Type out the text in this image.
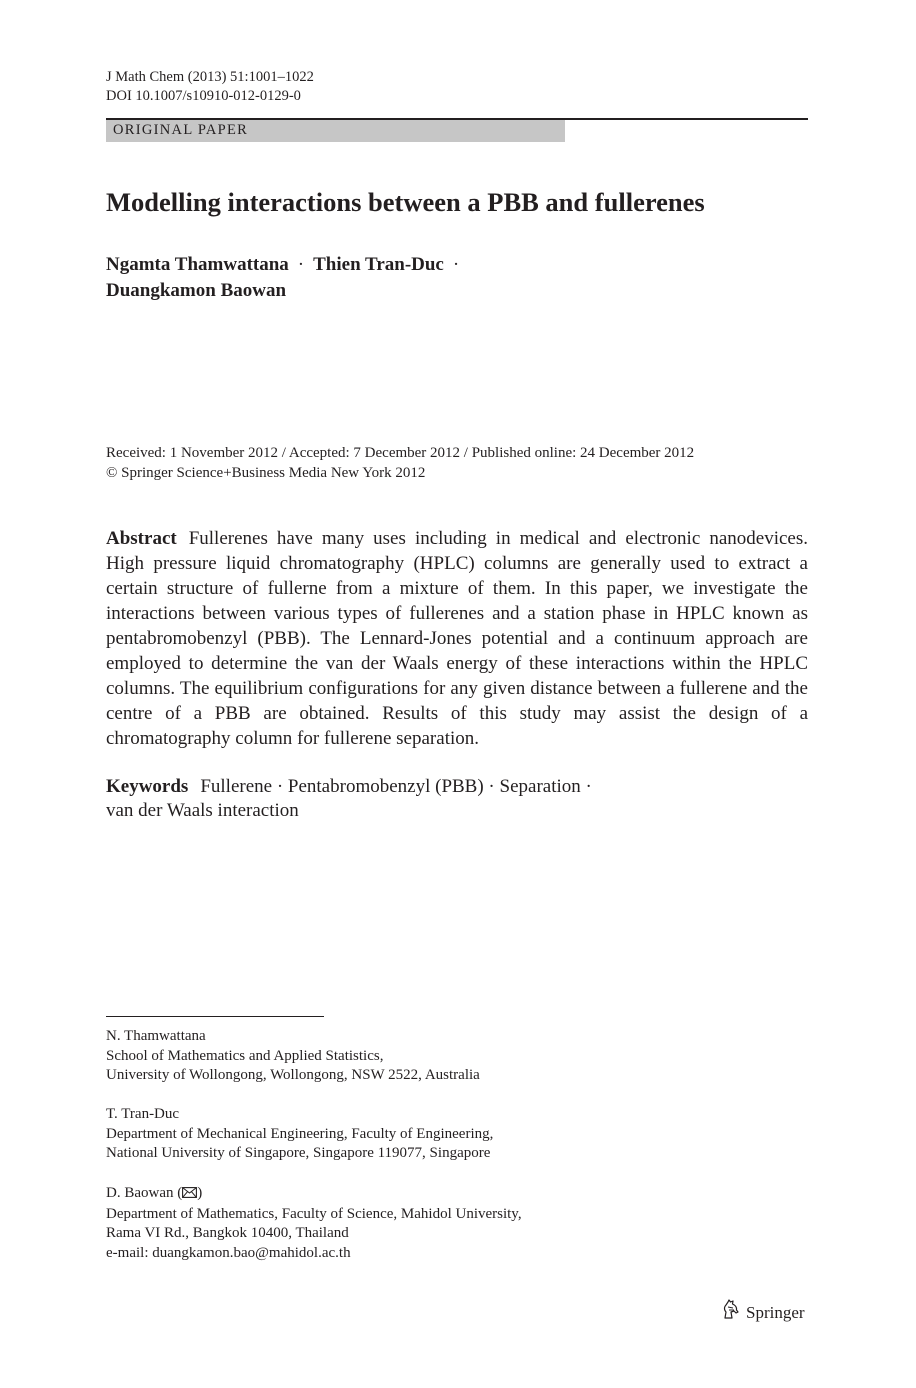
J Math Chem (2013) 51:1001–1022
DOI 10.1007/s10910-012-0129-0
ORIGINAL PAPER
Modelling interactions between a PBB and fullerenes
Ngamta Thamwattana · Thien Tran-Duc ·
Duangkamon Baowan
Received: 1 November 2012 / Accepted: 7 December 2012 / Published online: 24 December 2012
© Springer Science+Business Media New York 2012
Abstract Fullerenes have many uses including in medical and electronic nanodevices. High pressure liquid chromatography (HPLC) columns are generally used to extract a certain structure of fullerne from a mixture of them. In this paper, we investigate the interactions between various types of fullerenes and a station phase in HPLC known as pentabromobenzyl (PBB). The Lennard-Jones potential and a continuum approach are employed to determine the van der Waals energy of these interactions within the HPLC columns. The equilibrium configurations for any given distance between a fullerene and the centre of a PBB are obtained. Results of this study may assist the design of a chromatography column for fullerene separation.
Keywords Fullerene · Pentabromobenzyl (PBB) · Separation ·
van der Waals interaction
N. Thamwattana
School of Mathematics and Applied Statistics,
University of Wollongong, Wollongong, NSW 2522, Australia
T. Tran-Duc
Department of Mechanical Engineering, Faculty of Engineering,
National University of Singapore, Singapore 119077, Singapore
D. Baowan ( )
Department of Mathematics, Faculty of Science, Mahidol University,
Rama VI Rd., Bangkok 10400, Thailand
e-mail: duangkamon.bao@mahidol.ac.th
Springer
